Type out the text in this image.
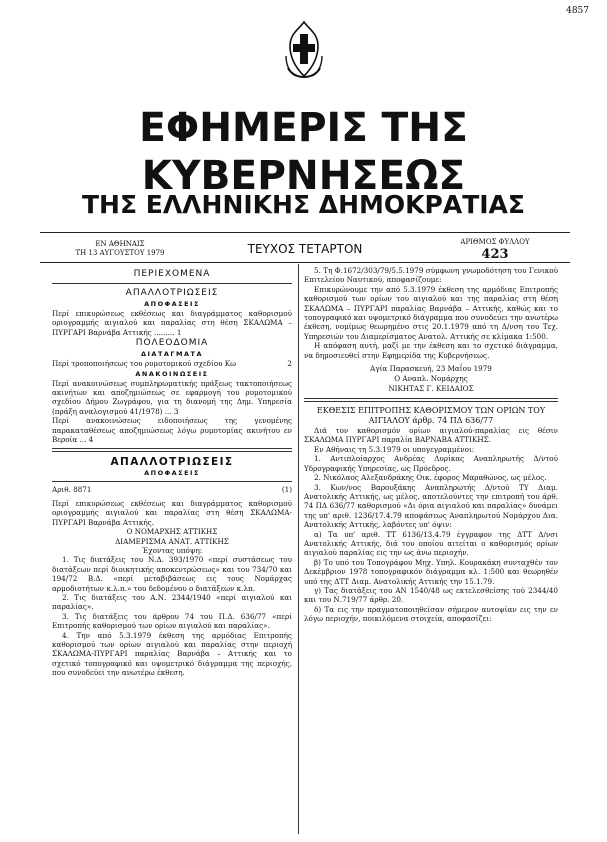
4857
ΕΦΗΜΕΡΙΣ ΤΗΣ ΚΥΒΕΡΝΗΣΕΩΣ
ΤΗΣ ΕΛΛΗΝΙΚΗΣ ΔΗΜΟΚΡΑΤΙΑΣ
ΕΝ ΑΘΗΝΑΙΣ
ΤΗ 13 ΑΥΓΟΥΣΤΟΥ 1979	ΤΕΥΧΟΣ ΤΕΤΑΡΤΟΝ	ΑΡΙΘΜΟΣ ΦΥΛΛΟΥ
423
ΠΕΡΙΕΧΟΜΕΝΑ
ΑΠΑΛΛΟΤΡΙΩΣΕΙΣ
ΑΠΟΦΑΣΕΙΣ
Περί επικυρώσεως εκθέσεως και διαγράμματος καθορισμού οριογραμμής αιγιαλού και παραλίας στη θέση ΣΚΑΛΩΜΑ – ΠΥΡΓΑΡΙ Βαρνάβα Αττικής ......... 1
ΠΟΛΕΟΔΟΜΙΑ
ΔΙΑΤΑΓΜΑΤΑ
Περί τροποποιήσεως του ρυμοτομικού σχεδίου Κω	2
ΑΝΑΚΟΙΝΩΣΕΙΣ
Περί ανακοινώσεως συμπληρωματικής πράξεως τακτοποιήσεως ακινήτων και αποζημιώσεως σε εφαρμογή του ρυμοτομικού σχεδίου Δήμου Ζωγράφου, για τη διανομή της Δημ. Υπηρεσία (πράξη αναλογισμού 41/1978) ... 3
Περί ανακοινώσεως ειδοποιήσεως της γενομένης παρακαταθέσεως αποζημιώσεως λόγω ρυμοτομίας ακινήτου εν Βεροία ... 4
ΑΠΑΛΛΟΤΡΙΩΣΕΙΣ
ΑΠΟΦΑΣΕΙΣ
Αριθ. 8871	(1)
Περί επικυρώσεως εκθέσεως και διαγράμματος καθορισμού οριογραμμής αιγιαλού και παραλίας στη θέση ΣΚΑΛΩΜΑ-ΠΥΡΓΑΡΙ Βαρνάβα Αττικής.
Ο ΝΟΜΑΡΧΗΣ ΑΤΤΙΚΗΣ
ΔΙΑΜΕΡΙΣΜΑ ΑΝΑΤ. ΑΤΤΙΚΗΣ
Έχοντας υπόψη:
1. Τις διατάξεις του Ν.Δ. 393/1970 «περί συστάσεως του διατάξεων περί διοικητικής αποκεντρώσεως» και του 734/70 και 194/72 Β.Δ. «περί μεταβιβάσεως εις τους Νομάρχας αρμοδιοτήτων κ.λ.π.» του δεδομένου ο διατάξεων κ.λπ.
2. Τις διατάξεις του Α.Ν. 2344/1940 «περί αιγιαλού και παραλίας».
3. Τις διατάξεις του άρθρου 74 του Π.Δ. 636/77 «περί Επιτροπής καθορισμού των ορίων αιγιαλού και παραλίας».
4. Την από 5.3.1979 έκθεση της αρμόδιας Επιτροπής καθορισμού των ορίων αιγιαλού και παραλίας στην περιοχή ΣΚΑΛΩΜΑ-ΠΥΡΓΑΡΙ παραλίας Βαρνάβα – Αττικής και το σχετικό τοπογραφικό και υψομετρικό διάγραμμα της περιοχής, που συνοδεύει την ανωτέρω έκθεση.
5. Τη Φ.1672/303/79/5.5.1979 σύμφωνη γνωμοδότηση του Γενικού Επιτελείου Ναυτικού, αποφασίζουμε:
Επικυρώνουμε την από 5.3.1979 έκθεση της αρμόδιας Επιτροπής καθορισμού των ορίων του αιγιαλού και της παραλίας στη θέση ΣΚΑΛΩΜΑ – ΠΥΡΓΑΡΙ παραλίας Βαρνάβα – Αττικής, καθώς και το τοπογραφικό και υψομετρικό διάγραμμα που συνοδεύει την ανωτέρω έκθεση, νομίμως θεωρημένο στις 20.1.1979 από τη Δ/νση του Τεχ. Υπηρεσιών του Διαμερίσματος Ανατολ. Αττικής σε κλίμακα 1:500.
Η απόφαση αυτή, μαζί με την έκθεση και το σχετικό διάγραμμα, να δημοσιευθεί στην Εφημερίδα της Κυβερνήσεως.
Αγία Παρασκευή, 23 Μαΐου 1979
Ο Αναπλ. Νομάρχης
ΝΙΚΗΤΑΣ Γ. ΚΕΙΔΑΙΟΣ
ΕΚΘΕΣΙΣ ΕΠΙΤΡΟΠΗΣ ΚΑΘΟΡΙΣΜΟΥ ΤΩΝ ΟΡΙΩΝ ΤΟΥ ΑΙΓΙΑΛΟΥ άρθρ. 74 ΠΔ 636/77
Διά τον καθορισμόν ορίων αιγιαλού-παραλίας εις θέσιν ΣΚΑΛΩΜΑ ΠΥΡΓΑΡΙ παραλία ΒΑΡΝΑΒΑ ΑΤΤΙΚΗΣ.
Εν Αθήναις τη 5.3.1979 οι υπογεγραμμένοι:
1. Αντιπλοίαρχος Ανδρέας Λυρίκας Αναπληρωτής Δ/ντού Υδρογραφικής Υπηρεσίας, ως Πρόεδρος.
2. Νικόλαος Αλεξανδράκης Οικ. έφορος Μαραθώνος, ως μέλος.
3. Κων/νος Βαρουξάκης Αναπληρωτής Δ/ντού ΤΥ Διαμ. Ανατολικής Αττικής, ως μέλος, αποτελούντες την επιτροπή του άρθ. 74 ΠΔ 636/77 καθορισμού «Δι όρια αιγιαλού και παραλίας» δυνάμει της υπ' αριθ. 1236/17.4.79 αποφάσεως Αναπληρωτού Νομάρχου Δια. Ανατολικής Αττικής, λαβόντες υπ' όψιν:
α) Τα υπ' αριθ. ΤΤ 6136/13.4.79 έγγραφον της ΔΤΤ Δ/νσι Ανατολικής Αττικής, διά του οποίου αιτείται ο καθορισμός ορίων αιγιαλού παραλίας εις την ως άνω περιοχήν.
β) Το υπό του Τοπογράφου Μηχ. Υπηλ. Κουρακάκη συνταχθέν τον Δεκέμβριον 1978 τοπογραφικόν διάγραμμα κλ. 1:500 και θεωρηθέν υπό της ΔΤΤ Διαμ. Ανατολικής Αττικής την 15.1.79.
γ) Τας διατάξεις του ΑΝ 1540/48 ως εκτελεσθείσης τού 2344/40 και του Ν.719/77 άρθρ. 20.
δ) Τα εις την πραγματοποιηθείσαν σήμερον αυτοψίαν εις την εν λόγω περιοχήν, ποικιλόμενα στοιχεία, αποφασίζει:
